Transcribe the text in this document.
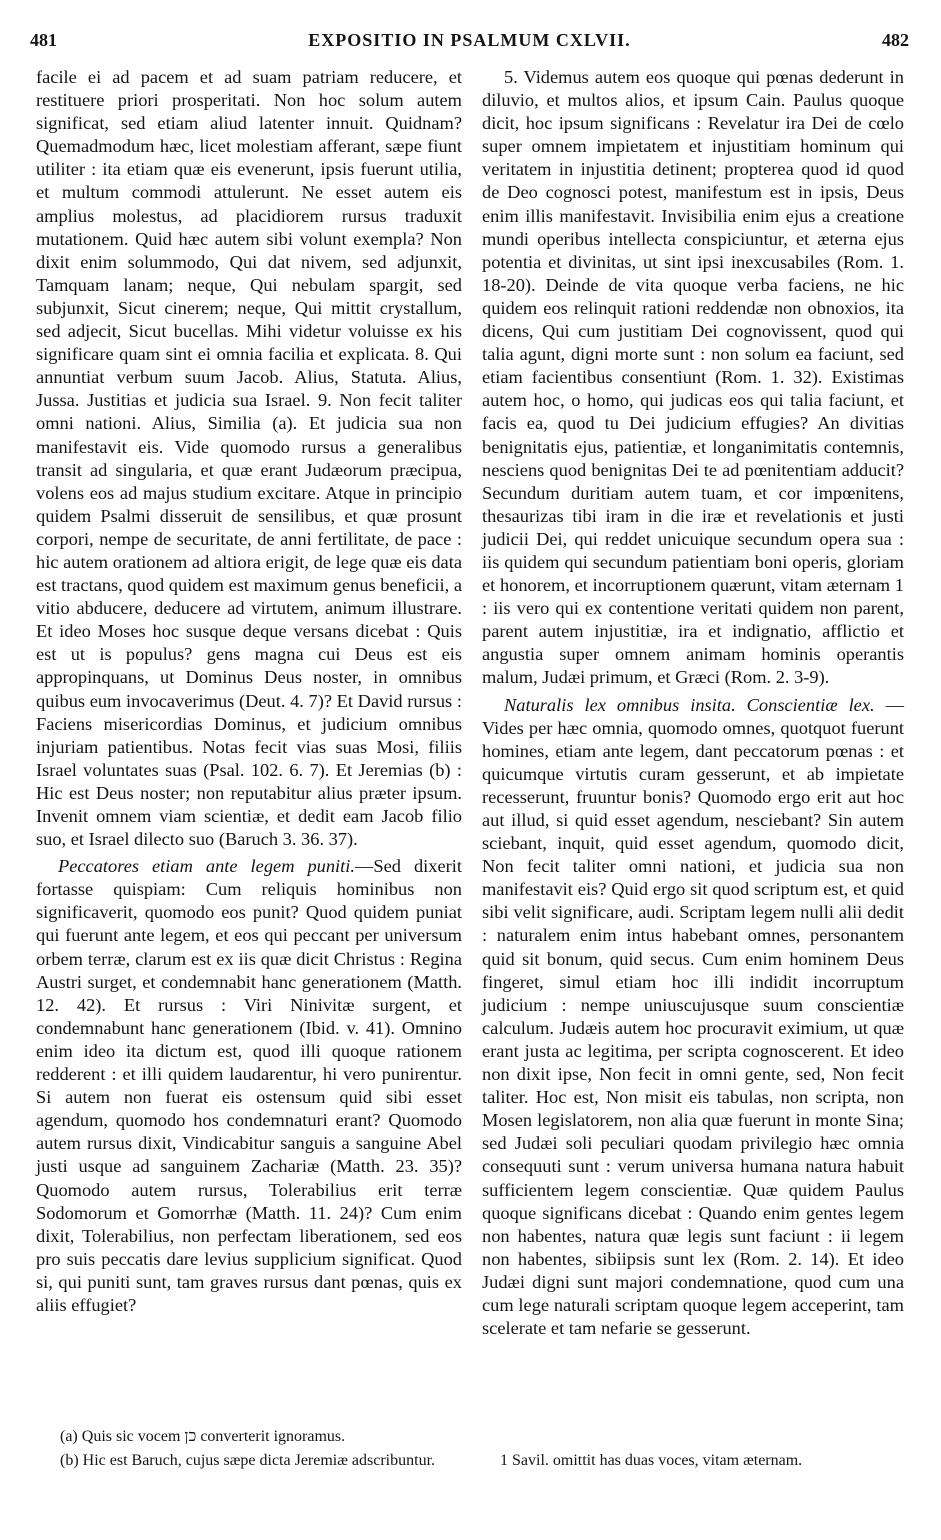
481	EXPOSITIO IN PSALMUM CXLVII.	482

facile ei ad pacem et ad suam patriam reducere, et restituere priori prosperitati. Non hoc solum autem significat, sed etiam aliud latenter innuit. Quidnam? Quemadmodum hæc, licet molestiam afferant, sæpe fiunt utiliter : ita etiam quæ eis evenerunt, ipsis fuerunt utilia, et multum commodi attulerunt. Ne esset autem eis amplius molestus, ad placidiorem rursus traduxit mutationem. Quid hæc autem sibi volunt exempla? Non dixit enim solummodo, Qui dat nivem, sed adjunxit, Tamquam lanam; neque, Qui nebulam spargit, sed subjunxit, Sicut cinerem; neque, Qui mittit crystallum, sed adjecit, Sicut bucellas. Mihi videtur voluisse ex his significare quam sint ei omnia facilia et explicata. 8. Qui annuntiat verbum suum Jacob. Alius, Statuta. Alius, Jussa. Justitias et judicia sua Israel. 9. Non fecit taliter omni nationi. Alius, Similia (a). Et judicia sua non manifestavit eis. Vide quomodo rursus a generalibus transit ad singularia, et quæ erant Judæorum præcipua, volens eos ad majus studium excitare. Atque in principio quidem Psalmi disseruit de sensilibus, et quæ prosunt corpori, nempe de securitate, de anni fertilitate, de pace : hic autem orationem ad altiora erigit, de lege quæ eis data est tractans, quod quidem est maximum genus beneficii, a vitio abducere, deducere ad virtutem, animum illustrare. Et ideo Moses hoc susque deque versans dicebat : Quis est ut is populus? gens magna cui Deus est eis appropinquans, ut Dominus Deus noster, in omnibus quibus eum invocaverimus (Deut. 4. 7)? Et David rursus : Faciens misericordias Dominus, et judicium omnibus injuriam patientibus. Notas fecit vias suas Mosi, filiis Israel voluntates suas (Psal. 102. 6. 7). Et Jeremias (b) : Hic est Deus noster; non reputabitur alius præter ipsum. Invenit omnem viam scientiæ, et dedit eam Jacob filio suo, et Israel dilecto suo (Baruch 3. 36. 37).

Peccatores etiam ante legem puniti.—Sed dixerit fortasse quispiam: Cum reliquis hominibus non significaverit, quomodo eos punit? Quod quidem puniat qui fuerunt ante legem, et eos qui peccant per universum orbem terræ, clarum est ex iis quæ dicit Christus : Regina Austri surget, et condemnabit hanc generationem (Matth. 12. 42). Et rursus : Viri Ninivitæ surgent, et condemnabunt hanc generationem (Ibid. v. 41). Omnino enim ideo ita dictum est, quod illi quoque rationem redderent : et illi quidem laudarentur, hi vero punirentur. Si autem non fuerat eis ostensum quid sibi esset agendum, quomodo hos condemnaturi erant? Quomodo autem rursus dixit, Vindicabitur sanguis a sanguine Abel justi usque ad sanguinem Zachariæ (Matth. 23. 35)? Quomodo autem rursus, Tolerabilius erit terræ Sodomorum et Gomorrhæ (Matth. 11. 24)? Cum enim dixit, Tolerabilius, non perfectam liberationem, sed eos pro suis peccatis dare levius supplicium significat. Quod si, qui puniti sunt, tam graves rursus dant pœnas, quis ex aliis effugiet?

(a) Quis sic vocem כן converterit ignoramus.

(b) Hic est Baruch, cujus sæpe dicta Jeremiæ adscribuntur.

5. Videmus autem eos quoque qui pœnas dederunt in diluvio, et multos alios, et ipsum Cain. Paulus quoque dicit, hoc ipsum significans : Revelatur ira Dei de cœlo super omnem impietatem et injustitiam hominum qui veritatem in injustitia detinent; propterea quod id quod de Deo cognosci potest, manifestum est in ipsis, Deus enim illis manifestavit. Invisibilia enim ejus a creatione mundi operibus intellecta conspiciuntur, et æterna ejus potentia et divinitas, ut sint ipsi inexcusabiles (Rom. 1. 18-20). Deinde de vita quoque verba faciens, ne hic quidem eos relinquit rationi reddendæ non obnoxios, ita dicens, Qui cum justitiam Dei cognovissent, quod qui talia agunt, digni morte sunt : non solum ea faciunt, sed etiam facientibus consentiunt (Rom. 1. 32). Existimas autem hoc, o homo, qui judicas eos qui talia faciunt, et facis ea, quod tu Dei judicium effugies? An divitias benignitatis ejus, patientiæ, et longanimitatis contemnis, nesciens quod benignitas Dei te ad pœnitentiam adducit? Secundum duritiam autem tuam, et cor impœnitens, thesaurizas tibi iram in die iræ et revelationis et justi judicii Dei, qui reddet unicuique secundum opera sua : iis quidem qui secundum patientiam boni operis, gloriam et honorem, et incorruptionem quærunt, vitam æternam 1 : iis vero qui ex contentione veritati quidem non parent, parent autem injustitiæ, ira et indignatio, afflictio et angustia super omnem animam hominis operantis malum, Judæi primum, et Græci (Rom. 2. 3-9).

Naturalis lex omnibus insita. Conscientiæ lex. — Vides per hæc omnia, quomodo omnes, quotquot fuerunt homines, etiam ante legem, dant peccatorum pœnas : et quicumque virtutis curam gesserunt, et ab impietate recesserunt, fruuntur bonis? Quomodo ergo erit aut hoc aut illud, si quid esset agendum, nesciebant? Sin autem sciebant, inquit, quid esset agendum, quomodo dicit, Non fecit taliter omni nationi, et judicia sua non manifestavit eis? Quid ergo sit quod scriptum est, et quid sibi velit significare, audi. Scriptam legem nulli alii dedit : naturalem enim intus habebant omnes, personantem quid sit bonum, quid secus. Cum enim hominem Deus fingeret, simul etiam hoc illi indidit incorruptum judicium : nempe uniuscujusque suum conscientiæ calculum. Judæis autem hoc procuravit eximium, ut quæ erant justa ac legitima, per scripta cognoscerent. Et ideo non dixit ipse, Non fecit in omni gente, sed, Non fecit taliter. Hoc est, Non misit eis tabulas, non scripta, non Mosen legislatorem, non alia quæ fuerunt in monte Sina; sed Judæi soli peculiari quodam privilegio hæc omnia consequuti sunt : verum universa humana natura habuit sufficientem legem conscientiæ. Quæ quidem Paulus quoque significans dicebat : Quando enim gentes legem non habentes, natura quæ legis sunt faciunt : ii legem non habentes, sibiipsis sunt lex (Rom. 2. 14). Et ideo Judæi digni sunt majori condemnatione, quod cum una cum lege naturali scriptam quoque legem acceperint, tam scelerate et tam nefarie se gesserunt.

1 Savil. omittit has duas voces, vitam æternam.
